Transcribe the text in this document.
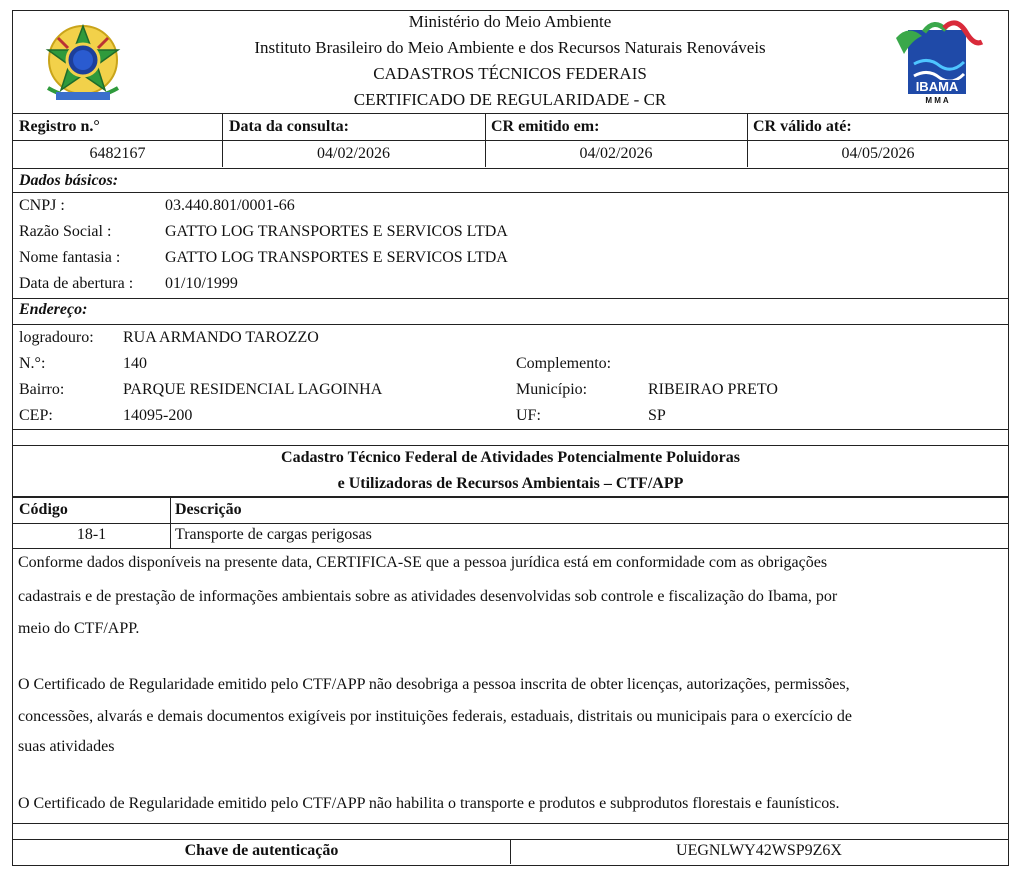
IBAMA
M M A
Ministério do Meio Ambiente
Instituto Brasileiro do Meio Ambiente e dos Recursos Naturais Renováveis
CADASTROS TÉCNICOS FEDERAIS
CERTIFICADO DE REGULARIDADE - CR
Registro n.°	Data da consulta:	CR emitido em:	CR válido até:
6482167	04/02/2026	04/02/2026	04/05/2026
Dados básicos:
CNPJ :	03.440.801/0001-66
Razão Social :	GATTO LOG TRANSPORTES E SERVICOS LTDA
Nome fantasia :	GATTO LOG TRANSPORTES E SERVICOS LTDA
Data de abertura : 01/10/1999
Endereço:
logradouro: RUA ARMANDO TAROZZO
N.°:	140	Complemento:
Bairro:	PARQUE RESIDENCIAL LAGOINHA	Município:	RIBEIRAO PRETO
CEP:	14095-200	UF:	SP
Cadastro Técnico Federal de Atividades Potencialmente Poluidoras
e Utilizadoras de Recursos Ambientais – CTF/APP
Código	Descrição
18-1	Transporte de cargas perigosas
Conforme dados disponíveis na presente data, CERTIFICA-SE que a pessoa jurídica está em conformidade com as obrigações
cadastrais e de prestação de informações ambientais sobre as atividades desenvolvidas sob controle e fiscalização do Ibama, por
meio do CTF/APP.
O Certificado de Regularidade emitido pelo CTF/APP não desobriga a pessoa inscrita de obter licenças, autorizações, permissões,
concessões, alvarás e demais documentos exigíveis por instituições federais, estaduais, distritais ou municipais para o exercício de
suas atividades
O Certificado de Regularidade emitido pelo CTF/APP não habilita o transporte e produtos e subprodutos florestais e faunísticos.
Chave de autenticação	UEGNLWY42WSP9Z6X
